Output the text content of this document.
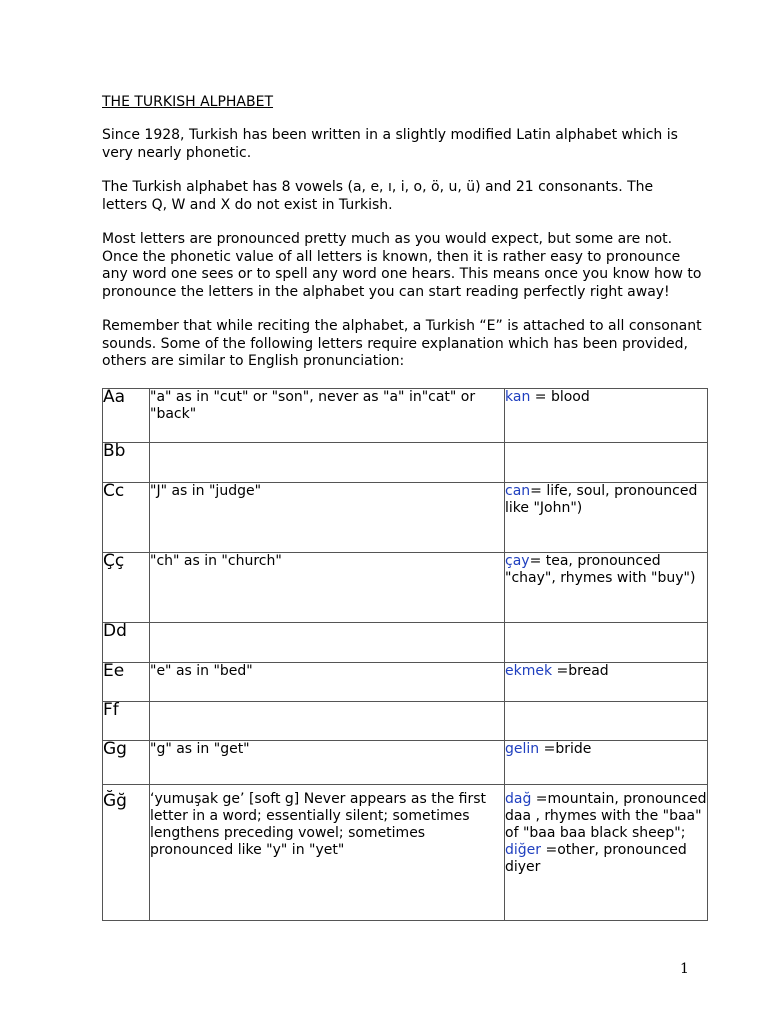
THE TURKISH ALPHABET

Since 1928, Turkish has been written in a slightly modified Latin alphabet which is very nearly phonetic.

The Turkish alphabet has 8 vowels (a, e, ı, i, o, ö, u, ü) and 21 consonants. The letters Q, W and X do not exist in Turkish.

Most letters are pronounced pretty much as you would expect, but some are not. Once the phonetic value of all letters is known, then it is rather easy to pronounce any word one sees or to spell any word one hears. This means once you know how to pronounce the letters in the alphabet you can start reading perfectly right away!

Remember that while reciting the alphabet, a Turkish “E” is attached to all consonant sounds. Some of the following letters require explanation which has been provided, others are similar to English pronunciation:

Aa	"a" as in "cut" or "son", never as "a" in"cat" or "back"	kan = blood
Bb		
Cc	"J" as in "judge"	can= life, soul, pronounced like "John")
Çç	"ch" as in "church"	çay= tea, pronounced "chay", rhymes with "buy")
Dd		
Ee	"e" as in "bed"	ekmek =bread
Ff		
Gg	"g" as in "get"	gelin =bride
Ğğ	‘yumuşak ge’ [soft g] Never appears as the first letter in a word; essentially silent; sometimes lengthens preceding vowel; sometimes pronounced like "y" in "yet"	dağ =mountain, pronounced daa , rhymes with the "baa" of "baa baa black sheep";
diğer =other, pronounced diyer
1
